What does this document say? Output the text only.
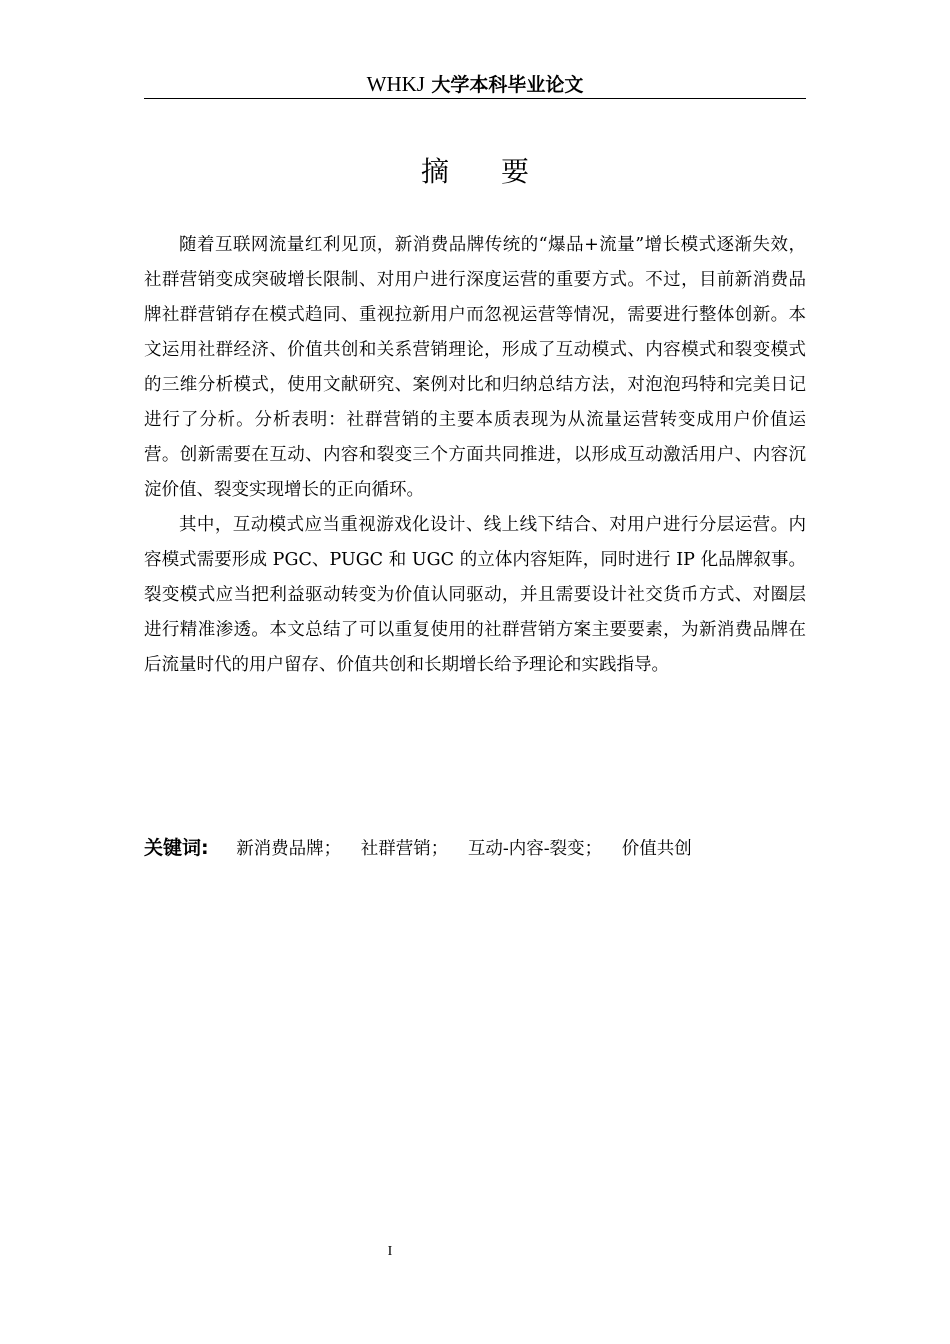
WHKJ 大学本科毕业论文
摘要

随着互联网流量红利见顶，新消费品牌传统的“爆品+流量”增长模式逐渐失效，社群营销变成突破增长限制、对用户进行深度运营的重要方式。不过，目前新消费品牌社群营销存在模式趋同、重视拉新用户而忽视运营等情况，需要进行整体创新。本文运用社群经济、价值共创和关系营销理论，形成了互动模式、内容模式和裂变模式的三维分析模式，使用文献研究、案例对比和归纳总结方法，对泡泡玛特和完美日记进行了分析。分析表明：社群营销的主要本质表现为从流量运营转变成用户价值运营。创新需要在互动、内容和裂变三个方面共同推进，以形成互动激活用户、内容沉淀价值、裂变实现增长的正向循环。

其中，互动模式应当重视游戏化设计、线上线下结合、对用户进行分层运营。内容模式需要形成 PGC、PUGC 和 UGC 的立体内容矩阵，同时进行 IP 化品牌叙事。裂变模式应当把利益驱动转变为价值认同驱动，并且需要设计社交货币方式、对圈层进行精准渗透。本文总结了可以重复使用的社群营销方案主要要素，为新消费品牌在后流量时代的用户留存、价值共创和长期增长给予理论和实践指导。

关键词: 新消费品牌； 社群营销； 互动-内容-裂变； 价值共创
I
